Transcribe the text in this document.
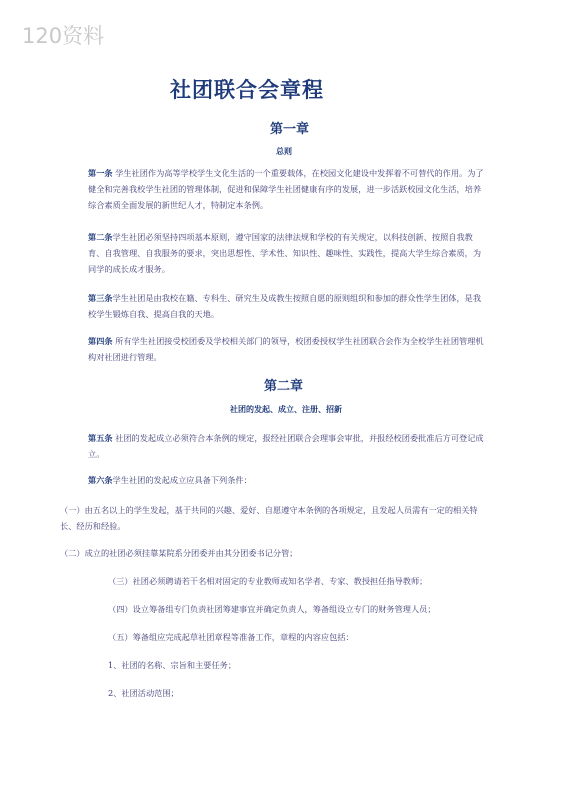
120资料
社团联合会章程
第一章
总则
第一条 学生社团作为高等学校学生文化生活的一个重要载体，在校园文化建设中发挥着不可替代的作用。为了健全和完善我校学生社团的管理体制，促进和保障学生社团健康有序的发展，进一步活跃校园文化生活，培养综合素质全面发展的新世纪人才，特制定本条例。
第二条学生社团必须坚持四项基本原则，遵守国家的法律法规和学校的有关规定，以科技创新、按照自我教育、自我管理、自我服务的要求，突出思想性、学术性、知识性、趣味性、实践性，提高大学生综合素质，为同学的成长成才服务。
第三条学生社团是由我校在籍、专科生、研究生及成教生按照自愿的原则组织和参加的群众性学生团体，是我校学生锻炼自我、提高自我的天地。
第四条 所有学生社团接受校团委及学校相关部门的领导，校团委授权学生社团联合会作为全校学生社团管理机构对社团进行管理。
第二章
社团的发起、成立、注册、招新
第五条 社团的发起成立必须符合本条例的规定，报经社团联合会理事会审批，并报经校团委批准后方可登记成立。
第六条学生社团的发起成立应具备下列条件：
（一）由五名以上的学生发起，基于共同的兴趣、爱好、自愿遵守本条例的各项规定，且发起人员需有一定的相关特长、经历和经验。
（二）成立的社团必须挂靠某院系分团委并由其分团委书记分管；
（三）社团必须聘请若干名相对固定的专业教师或知名学者、专家、教授担任指导教师；
（四）设立筹备组专门负责社团筹建事宜并确定负责人，筹备组设立专门的财务管理人员；
（五）筹备组应完成起草社团章程等准备工作，章程的内容应包括：
1、社团的名称、宗旨和主要任务；
2、社团活动范围；
